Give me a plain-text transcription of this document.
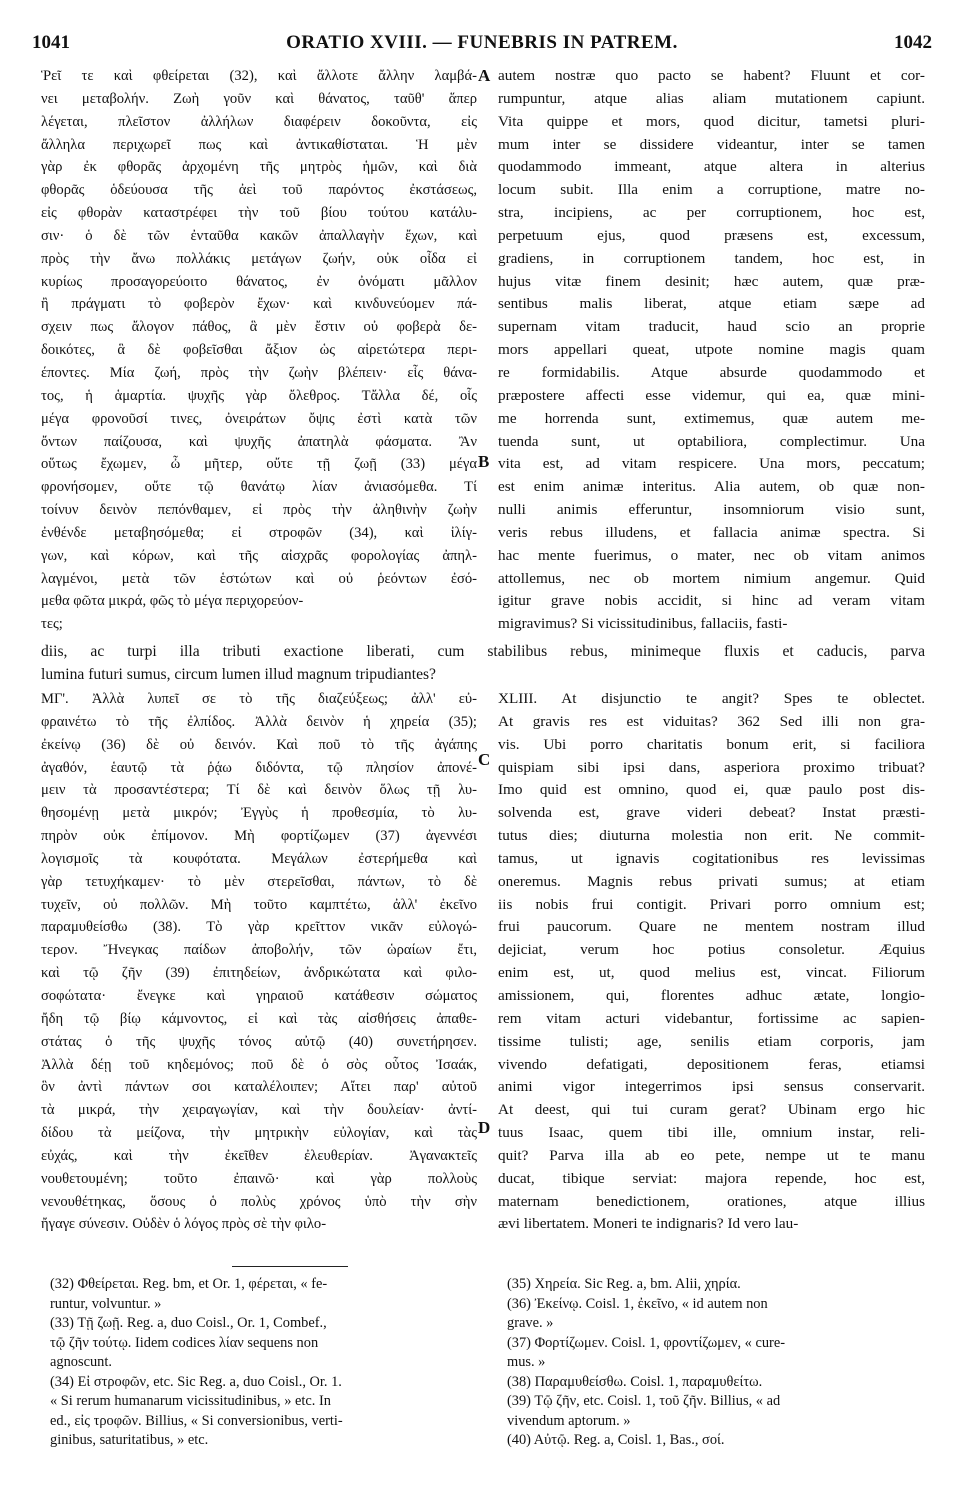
1041	ORATIO XVIII. — FUNEBRIS IN PATREM.	1042
Ῥεῖ τε καὶ φθείρεται (32), καὶ ἄλλοτε ἄλλην λαμβά-
νει μεταβολήν. Ζωὴ γοῦν καὶ θάνατος, ταῦθ' ἅπερ
λέγεται, πλεῖστον ἀλλήλων διαφέρειν δοκοῦντα, εἰς
ἄλληλα περιχωρεῖ πως καὶ ἀντικαθίσταται. Ἡ μὲν
γὰρ ἐκ φθορᾶς ἀρχομένη τῆς μητρὸς ἡμῶν, καὶ διὰ
φθορᾶς ὁδεύουσα τῆς ἀεὶ τοῦ παρόντος ἐκστάσεως,
εἰς φθορὰν καταστρέφει τὴν τοῦ βίου τούτου κατάλυ-
σιν· ὁ δὲ τῶν ἐνταῦθα κακῶν ἀπαλλαγὴν ἔχων, καὶ
πρὸς τὴν ἄνω πολλάκις μετάγων ζωήν, οὐκ οἶδα εἰ
κυρίως προσαγορεύοιτο θάνατος, ἐν ὀνόματι μᾶλλον
ἢ πράγματι τὸ φοβερὸν ἔχων· καὶ κινδυνεύομεν πά-
σχειν πως ἄλογον πάθος, ἃ μὲν ἔστιν οὐ φοβερὰ δε-
δοικότες, ἃ δὲ φοβεῖσθαι ἄξιον ὡς αἱρετώτερα περι-
έποντες. Μία ζωή, πρὸς τὴν ζωὴν βλέπειν· εἷς θάνα-
τος, ἡ ἁμαρτία. ψυχῆς γὰρ ὄλεθρος. Τἄλλα δέ, οἷς
μέγα φρονοῦσί τινες, ὀνειράτων ὄψις ἐστὶ κατὰ τῶν
ὄντων παίζουσα, καὶ ψυχῆς ἀπατηλὰ φάσματα. Ἂν
οὕτως ἔχωμεν, ὦ μῆτερ, οὔτε τῇ ζωῇ (33) μέγα
φρονήσομεν, οὔτε τῷ θανάτῳ λίαν ἀνιασόμεθα. Τί
τοίνυν δεινὸν πεπόνθαμεν, εἰ πρὸς τὴν ἀληθινὴν ζωὴν
ἐνθένδε μεταβησόμεθα; εἰ στροφῶν (34), καὶ ἰλίγ-
γων, καὶ κόρων, καὶ τῆς αἰσχρᾶς φορολογίας ἀπηλ-
λαγμένοι, μετὰ τῶν ἑστώτων καὶ οὐ ῥεόντων ἐσό-
μεθα φῶτα μικρά, φῶς τὸ μέγα περιχορεύον-
τες;
autem nostræ quo pacto se habent? Fluunt et cor-
rumpuntur, atque alias aliam mutationem capiunt.
Vita quippe et mors, quod dicitur, tametsi pluri-
mum inter se dissidere videantur, inter se tamen
quodammodo immeant, atque altera in alterius
locum subit. Illa enim a corruptione, matre no-
stra, incipiens, ac per corruptionem, hoc est,
perpetuum ejus, quod præsens est, excessum,
gradiens, in corruptionem tandem, hoc est, in
hujus vitæ finem desinit; hæc autem, quæ præ-
sentibus malis liberat, atque etiam sæpe ad
supernam vitam traducit, haud scio an proprie
mors appellari queat, utpote nomine magis quam
re formidabilis. Atque absurde quodammodo et
præpostere affecti esse videmur, qui ea, quæ mini-
me horrenda sunt, extimemus, quæ autem me-
tuenda sunt, ut optabiliora, complectimur. Una
vita est, ad vitam respicere. Una mors, peccatum;
est enim animæ interitus. Alia autem, ob quæ non-
nulli animis efferuntur, insomniorum visio sunt,
veris rebus illudens, et fallacia animæ spectra. Si
hac mente fuerimus, o mater, nec ob vitam animos
attollemus, nec ob mortem nimium angemur. Quid
igitur grave nobis accidit, si hinc ad veram vitam
migravimus? Si vicissitudinibus, fallaciis, fasti-
A
B
diis, ac turpi illa tributi exactione liberati, cum stabilibus rebus, minimeque fluxis et caducis, parva
lumina futuri sumus, circum lumen illud magnum tripudiantes?
ΜΓ'. Ἀλλὰ λυπεῖ σε τὸ τῆς διαζεύξεως; ἀλλ' εὐ-
φραινέτω τὸ τῆς ἐλπίδος. Ἀλλὰ δεινὸν ἡ χηρεία (35);
ἐκείνῳ (36) δὲ οὐ δεινόν. Καὶ ποῦ τὸ τῆς ἀγάπης
ἀγαθόν, ἑαυτῷ τὰ ῥᾴω διδόντα, τῷ πλησίον ἀπονέ-
μειν τὰ προσαντέστερα; Τί δὲ καὶ δεινὸν ὅλως τῇ λυ-
θησομένῃ μετὰ μικρόν; Ἐγγὺς ἡ προθεσμία, τὸ λυ-
πηρὸν οὐκ ἐπίμονον. Μὴ φορτίζωμεν (37) ἀγεννέσι
λογισμοῖς τὰ κουφότατα. Μεγάλων ἐστερήμεθα καὶ
γὰρ τετυχήκαμεν· τὸ μὲν στερεῖσθαι, πάντων, τὸ δὲ
τυχεῖν, οὐ πολλῶν. Μὴ τοῦτο καμπτέτω, ἀλλ' ἐκεῖνο
παραμυθείσθω (38). Τὸ γὰρ κρεῖττον νικᾶν εὐλογώ-
τερον. Ἤνεγκας παίδων ἀποβολήν, τῶν ὡραίων ἔτι,
καὶ τῷ ζῆν (39) ἐπιτηδείων, ἀνδρικώτατα καὶ φιλο-
σοφώτατα· ἔνεγκε καὶ γηραιοῦ κατάθεσιν σώματος
ἤδη τῷ βίῳ κάμνοντος, εἰ καὶ τὰς αἰσθήσεις ἀπαθε-
στάτας ὁ τῆς ψυχῆς τόνος αὐτῷ (40) συνετήρησεν.
Ἀλλὰ δέῃ τοῦ κηδεμόνος; ποῦ δὲ ὁ σὸς οὗτος Ἰσαάκ,
ὃν ἀντὶ πάντων σοι καταλέλοιπεν; Αἴτει παρ' αὐτοῦ
τὰ μικρά, τὴν χειραγωγίαν, καὶ τὴν δουλείαν· ἀντί-
δίδου τὰ μείζονα, τὴν μητρικὴν εὐλογίαν, καὶ τὰς
εὐχάς, καὶ τὴν ἐκεῖθεν ἐλευθερίαν. Ἀγανακτεῖς
νουθετουμένη; τοῦτο ἐπαινῶ· καὶ γὰρ πολλοὺς
νενουθέτηκας, ὅσους ὁ πολὺς χρόνος ὑπὸ τὴν σὴν
ἤγαγε σύνεσιν. Οὐδὲν ὁ λόγος πρὸς σὲ τὴν φιλο-
XLIII. At disjunctio te angit? Spes te oblectet.
At gravis res est viduitas? 362 Sed illi non gra-
vis. Ubi porro charitatis bonum erit, si faciliora
quispiam sibi ipsi dans, asperiora proximo tribuat?
Imo quid est omnino, quod ei, quæ paulo post dis-
solvenda est, grave videri debeat? Instat præsti-
tutus dies; diuturna molestia non erit. Ne commit-
tamus, ut ignavis cogitationibus res levissimas
oneremus. Magnis rebus privati sumus; at etiam
iis nobis frui contigit. Privari porro omnium est;
frui paucorum. Quare ne mentem nostram illud
dejiciat, verum hoc potius consoletur. Æquius
enim est, ut, quod melius est, vincat. Filiorum
amissionem, qui, florentes adhuc ætate, longio-
rem vitam acturi videbantur, fortissime ac sapien-
tissime tulisti; age, senilis etiam corporis, jam
vivendo defatigati, depositionem feras, etiamsi
animi vigor integerrimos ipsi sensus conservarit.
At deest, qui tui curam gerat? Ubinam ergo hic
tuus Isaac, quem tibi ille, omnium instar, reli-
quit? Parva illa ab eo pete, nempe ut te manu
ducat, tibique serviat: majora repende, hoc est,
maternam benedictionem, orationes, atque illius
ævi libertatem. Moneri te indignaris? Id vero lau-
C
D
(32) Φθείρεται. Reg. bm, et Or. 1, φέρεται, « fe-
runtur, volvuntur. »
(33) Τῇ ζωῇ. Reg. a, duo Coisl., Or. 1, Combef.,
τῷ ζῆν τούτῳ. Iidem codices λίαν sequens non
agnoscunt.
(34) Εἰ στροφῶν, etc. Sic Reg. a, duo Coisl., Or. 1.
« Si rerum humanarum vicissitudinibus, » etc. In
ed., εἰς τροφῶν. Billius, « Si conversionibus, verti-
ginibus, saturitatibus, » etc.
(35) Χηρεία. Sic Reg. a, bm. Alii, χηρία.
(36) Ἐκείνῳ. Coisl. 1, ἐκεῖνο, « id autem non
grave. »
(37) Φορτίζωμεν. Coisl. 1, φροντίζωμεν, « cure-
mus. »
(38) Παραμυθείσθω. Coisl. 1, παραμυθείτω.
(39) Τῷ ζῆν, etc. Coisl. 1, τοῦ ζῆν. Billius, « ad
vivendum aptorum. »
(40) Αὐτῷ. Reg. a, Coisl. 1, Bas., σοί.
